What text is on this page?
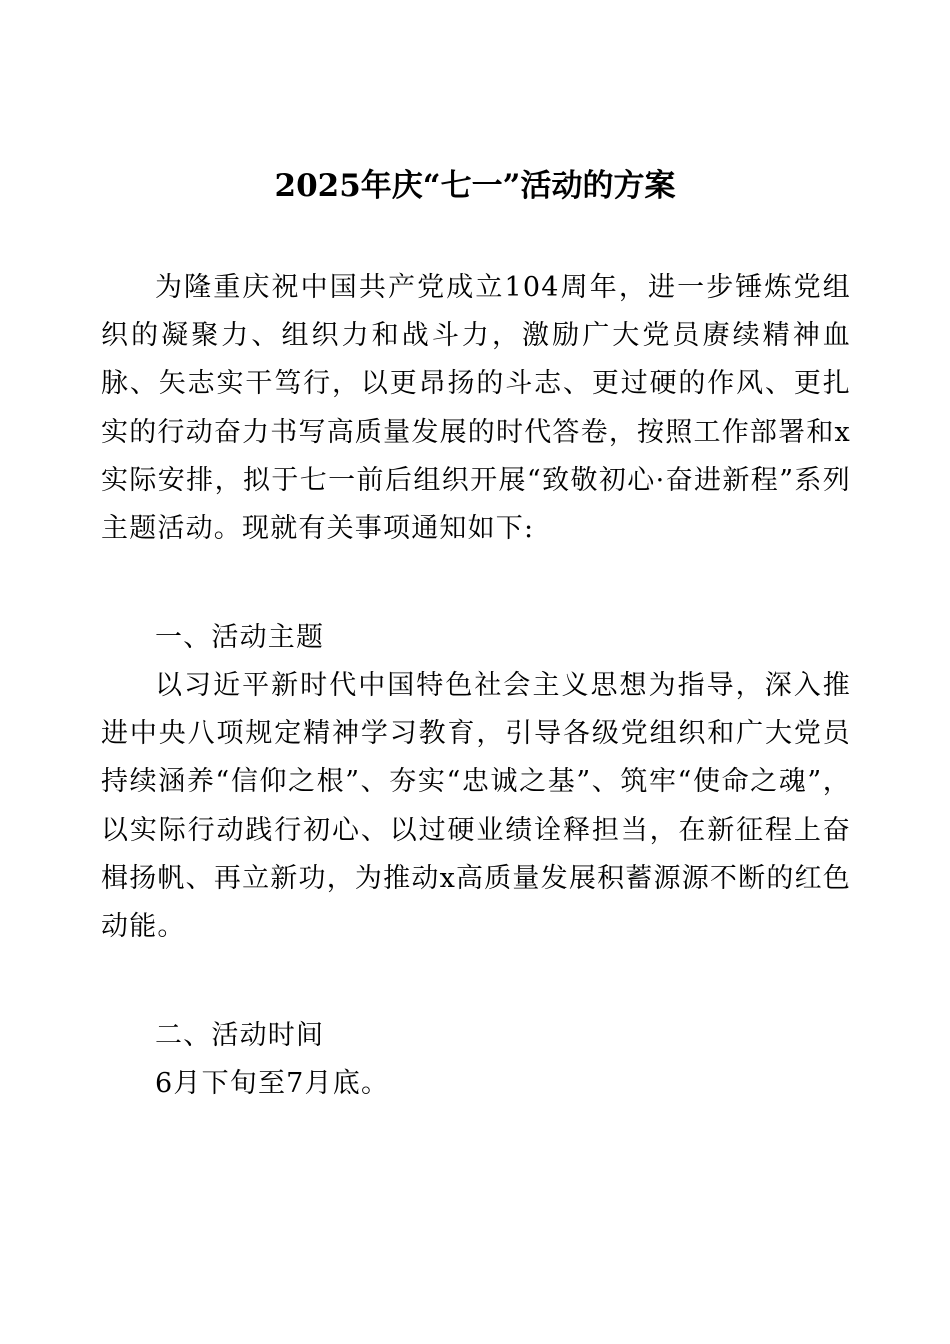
2025年庆“七一”活动的方案

为隆重庆祝中国共产党成立104周年，进一步锤炼党组织的凝聚力、组织力和战斗力，激励广大党员赓续精神血脉、矢志实干笃行，以更昂扬的斗志、更过硬的作风、更扎实的行动奋力书写高质量发展的时代答卷，按照工作部署和x实际安排，拟于七一前后组织开展“致敬初心·奋进新程”系列主题活动。现就有关事项通知如下:

一、活动主题

以习近平新时代中国特色社会主义思想为指导，深入推进中央八项规定精神学习教育，引导各级党组织和广大党员持续涵养“信仰之根”、夯实“忠诚之基”、筑牢“使命之魂”，以实际行动践行初心、以过硬业绩诠释担当，在新征程上奋楫扬帆、再立新功，为推动x高质量发展积蓄源源不断的红色动能。

二、活动时间

6月下旬至7月底。
